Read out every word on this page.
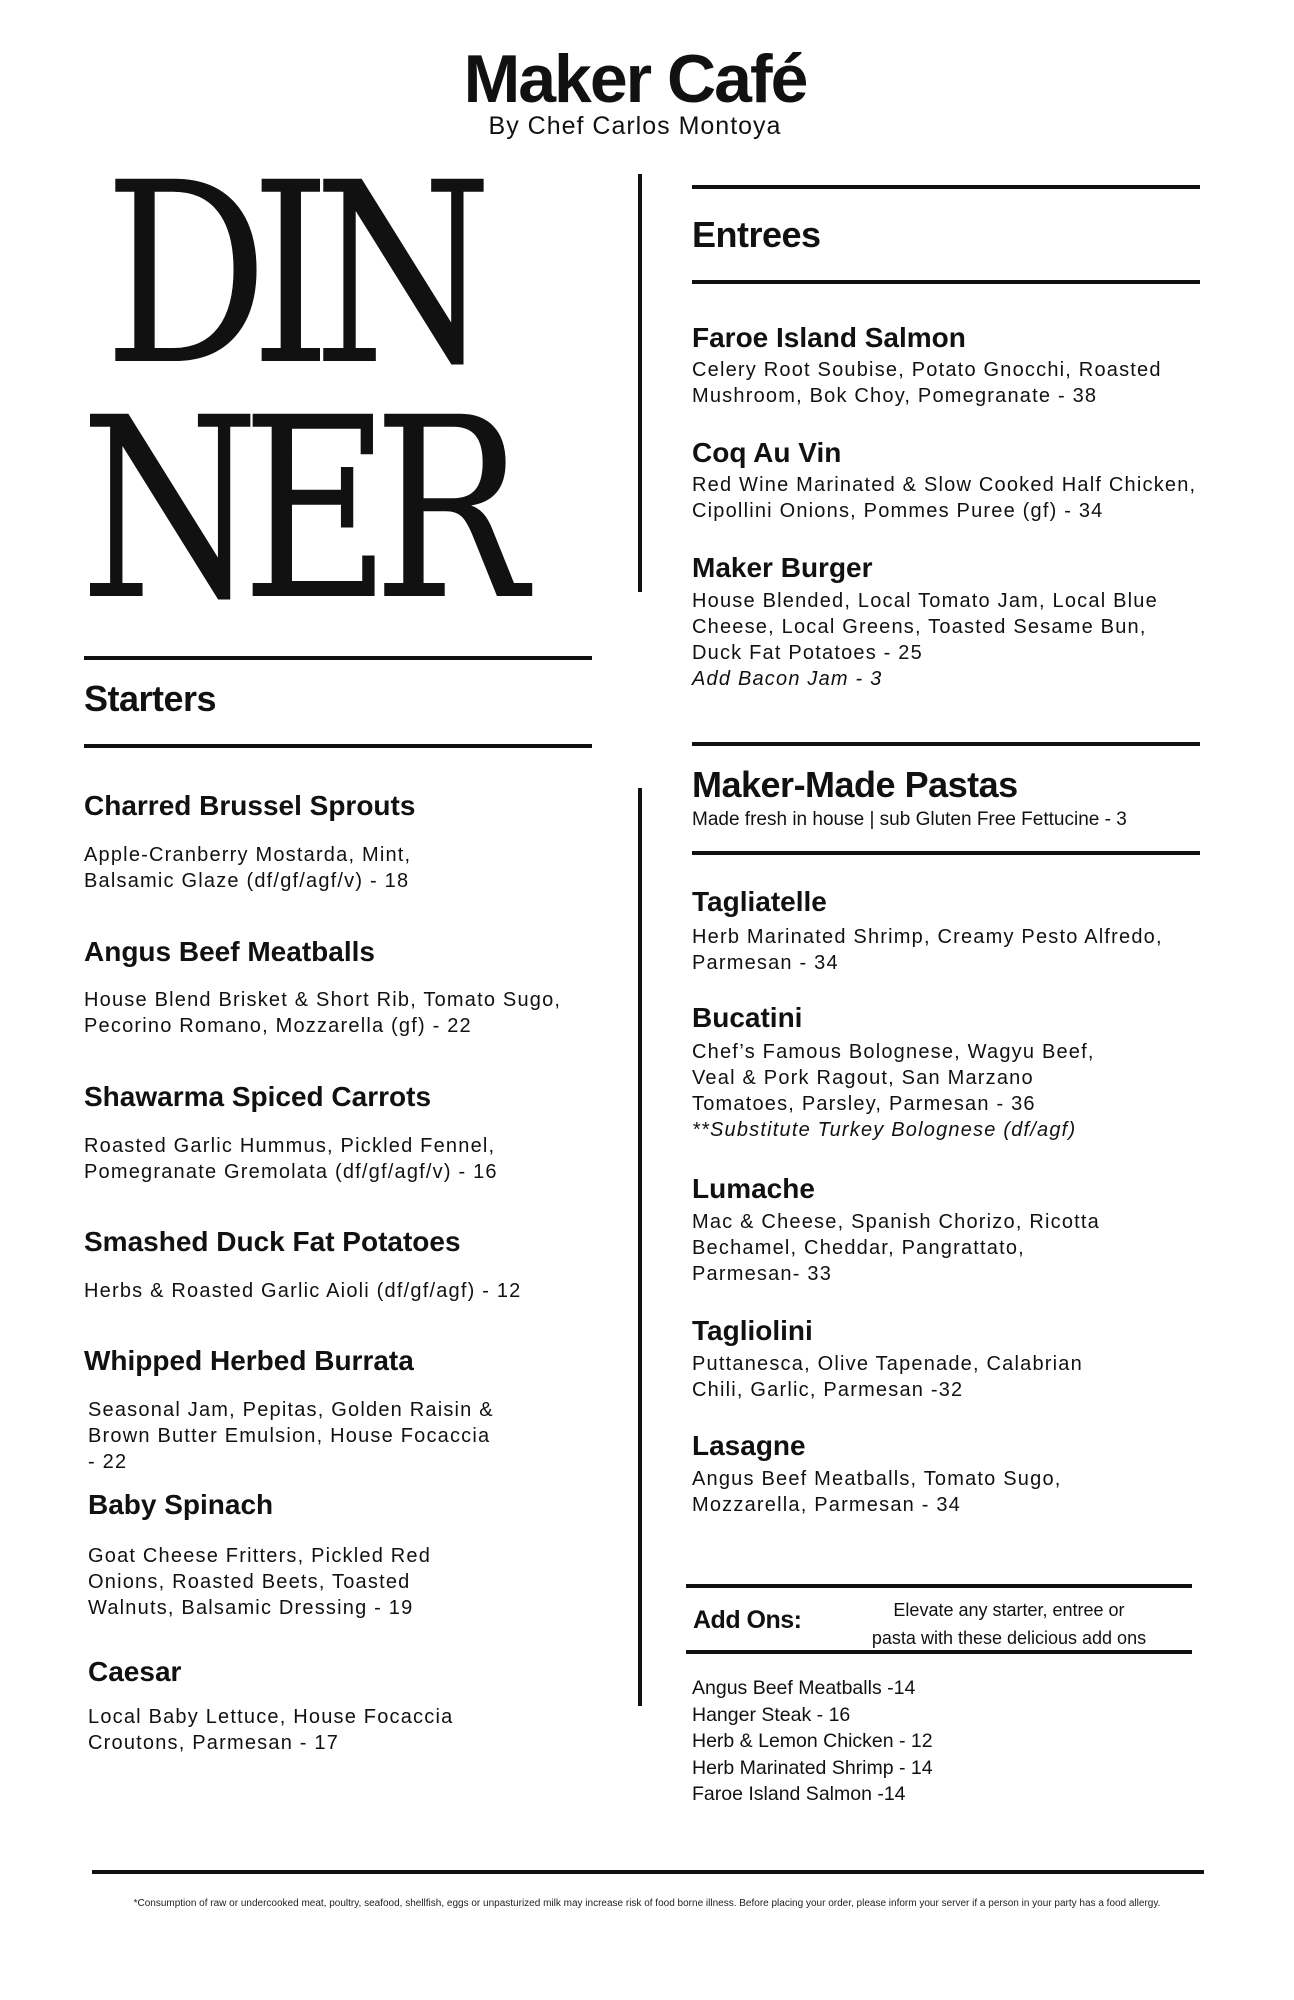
Maker Café
By Chef Carlos Montoya
DIN
NER
Starters
Charred Brussel Sprouts
Apple-Cranberry Mostarda, Mint,
Balsamic Glaze (df/gf/agf/v) - 18
Angus Beef Meatballs
House Blend Brisket & Short Rib, Tomato Sugo,
Pecorino Romano, Mozzarella (gf) - 22
Shawarma Spiced Carrots
Roasted Garlic Hummus, Pickled Fennel,
Pomegranate Gremolata (df/gf/agf/v) - 16
Smashed Duck Fat Potatoes
Herbs & Roasted Garlic Aioli (df/gf/agf) - 12
Whipped Herbed Burrata
Seasonal Jam, Pepitas, Golden Raisin &
Brown Butter Emulsion, House Focaccia
- 22
Baby Spinach
Goat Cheese Fritters, Pickled Red
Onions, Roasted Beets, Toasted
Walnuts, Balsamic Dressing - 19
Caesar
Local Baby Lettuce, House Focaccia
Croutons, Parmesan - 17
Entrees
Faroe Island Salmon
Celery Root Soubise, Potato Gnocchi, Roasted
Mushroom, Bok Choy, Pomegranate - 38
Coq Au Vin
Red Wine Marinated & Slow Cooked Half Chicken,
Cipollini Onions, Pommes Puree (gf) - 34
Maker Burger
House Blended, Local Tomato Jam, Local Blue
Cheese, Local Greens, Toasted Sesame Bun,
Duck Fat Potatoes - 25
Add Bacon Jam - 3
Maker-Made Pastas
Made fresh in house | sub Gluten Free Fettucine - 3
Tagliatelle
Herb Marinated Shrimp, Creamy Pesto Alfredo,
Parmesan - 34
Bucatini
Chef’s Famous Bolognese, Wagyu Beef,
Veal & Pork Ragout, San Marzano
Tomatoes, Parsley, Parmesan - 36
**Substitute Turkey Bolognese (df/agf)
Lumache
Mac & Cheese, Spanish Chorizo, Ricotta
Bechamel, Cheddar, Pangrattato,
Parmesan- 33
Tagliolini
Puttanesca, Olive Tapenade, Calabrian
Chili, Garlic, Parmesan -32
Lasagne
Angus Beef Meatballs, Tomato Sugo,
Mozzarella, Parmesan - 34
Add Ons:	Elevate any starter, entree or
pasta with these delicious add ons
Angus Beef Meatballs -14
Hanger Steak - 16
Herb & Lemon Chicken - 12
Herb Marinated Shrimp - 14
Faroe Island Salmon -14
*Consumption of raw or undercooked meat, poultry, seafood, shellfish, eggs or unpasturized milk may increase risk of food borne illness. Before placing your order, please inform your server if a person in your party has a food allergy.
